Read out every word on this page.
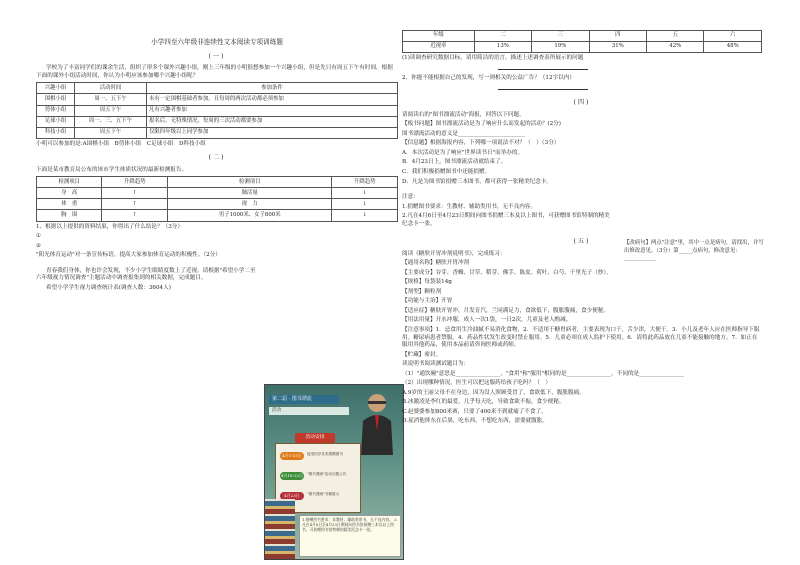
小学四至六年级非连续性文本阅读专项训练题
(一)
学校为了丰富同学们的课余生活，组织了形多个课外兴趣小组，刚上三年级的小明很想参加一个兴趣小组，但是先只有周五下午有时间，根据下面的课外小组活动时间，你认为小明应该参加哪个兴趣小组呢？
兴趣小组	活动时间	参加条件
围棋小组	周一、五下午	未有一定围棋基础者参加，且每周的两次活动都必须参加
剪体小组	周五下午	凡有兴趣者参加
足球小组	周一、三、五下午	报名后，无特殊情况，每周的三次活动都要参加
科技小组	周五下午	仅限四年级以上同学参加
小明可以参加的是:A围棋小组　B剪体小组　C足球小组　D科技小组
(二)
下面是某市教育局公布的该市学生体质状况的最新检测报告。
检测项目	升降趋势	检测项目	升降趋势
身　高	↑	肺活量	↓
体　重	↑	视　力	↓
胸　围	↑	男子1000米、女子800米	↓
1、根据以上提供的资料结果，你得出了什么结论？（3分）
①
②
"阳光体育运动"对一条宣传标语，提高大家参加体育运动的积极性。（2分）
青春我们身体，你也许会发现，不少小学生眼睛度数上了近视。请根据"希望小学二至六年级视力情况调查"主题活动中调查报集到的相关数据，完成题目。
希望小学学生视力调查统计表(调查人数：3604人)
第二届 · 图书漂流
活动
活动安排
4月1-15日	接受同学各类捐赠图书
4月16-22日 "图书漂流"活动议题公告
4月23日	"图书漂流"书籍展示
1.捐赠图书要求：非教材、辅助类用书、无不良内容。 2.凡在4月6日至4月23日期间向图书馆捐赠三本及以上图书，可获赠图书馆特制的精美纪念卡一张。
年级	二	三	四	五	六
近视率	13%	19%	31%	42%	48%
(1)读调查研究数据目标，请用简洁的语言，描述上述调查表所展示的问题
2、你能不能根据自己的发现，写一则相关的公益广告？（12字以内）
(四)
请阅读右的"图书漂流活动"海报，回答以下问题。
【板书问题】图书漂流活动是为了响应什么而发起的活动？(2分)
图书漂流活动的意义是________________________
【信息题】根据海报内容，下列哪一项说法不对？（　）（3分）
A．本次活动是为了响应"世界读书日"而举办的。
B．4月23日上，图书漂流活动就结束了。
C．我们积极捐赠图书中还能捐赠。
D．凡是为图书馆捐赠三本图书，都可获得一张精美纪念卡。
注意：
1.捐赠图书要求：生教材、辅助类用书，无不良内容。
2.凡在4月6日至4月23日期间向图书捐赠三本及以上图书，可获赠图书馆特制的精美纪念卡一张。
(五)
阅读《糖肤开胃冲剂说明书》，完成练习：
【通用名称】糖肤开胃冲剂
【主要成分】谷芽、香橼、甘草、稻芽、佛手、陈皮、荷叶、白芍、千里光子（炒）。
【规格】每袋装14g
【剂型】颗粒剂
【功能与主治】开胃
【适应症】糖肤开胃冲，月发育汽，兰同满足力，食欲低下，腹胀腹痛，食少便秘。
【用法用量】开水冲服，成人一次1袋，一日2次，儿童及老人酌减。
【注意事项】1．忌食用生冷油腻不易消化食物，2．不适用于糖胃病者，主要表现为口干，舌少津，大便干。3．小儿及老年人应在医师指导下服用。糖尿病患者禁服。4．药品性状发生改变时禁止服用。5．儿童必须在成人监护下使用。6．请将此药品放在儿童不能接触的地方。7．如正在服用其他药品，使用本品前请咨询医师或药师。
【贮藏】密封。
读说明书阅读测试题目为：
（1）"通饮碗"意思是________________，"食用"和"服用"相同的是________________，不同的是________________
（2）出现哪种情况，医生可以把这服药给孩子吃吗？（　）
A.9岁的王丽父母不在身边，因为没人照顾受冒了，食欲低下，腹胀腹痛。
B.冰激凌是李红的最爱，几乎每天吃，导致食欲不振，食少便秘。
C.赵婆婆参加800米赛，只要了400米不到就痛了不食了。
D.屁消他摔东在后果，吃东西，不想吃东西，需要就腹胀。
【改病句】两点"注意"里，其中一点是病句，请找出，并写出修改意见。（3分）第_____点病句，修改意见：____________
